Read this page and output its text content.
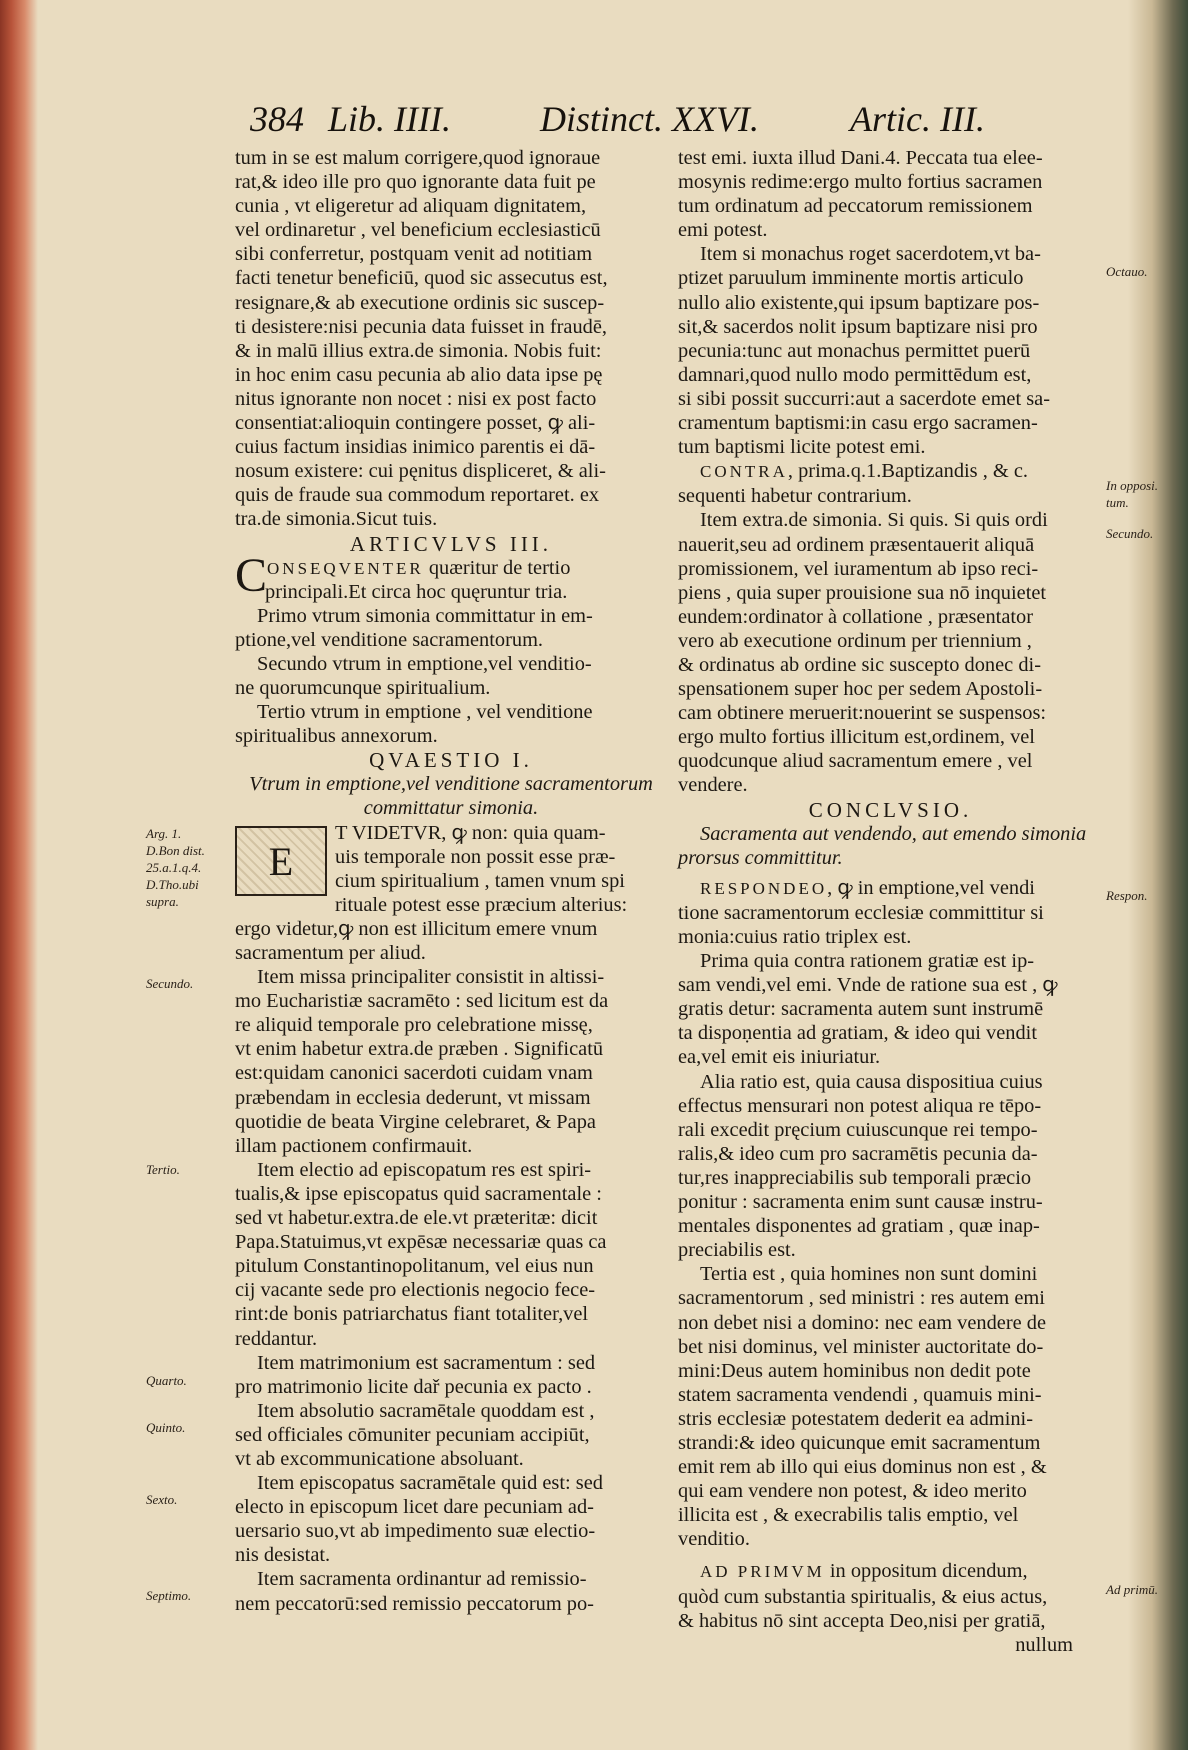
384 Lib. IIII. Distinct. XXVI.	Artic. III.
tum in se est malum corrigere,quod ignoraue
rat,& ideo ille pro quo ignorante data fuit pe
cunia , vt eligeretur ad aliquam dignitatem,
vel ordinaretur , vel beneficium ecclesiasticū
sibi conferretur, postquam venit ad notitiam
facti tenetur beneficiū, quod sic assecutus est,
resignare,& ab executione ordinis sic suscep-
ti desistere:nisi pecunia data fuisset in fraudē,
& in malū illius extra.de simonia. Nobis fuit:
in hoc enim casu pecunia ab alio data ipse pę
nitus ignorante non nocet : nisi ex post facto
consentiat:alioquin contingere posset, ꝙ ali-
cuius factum insidias inimico parentis ei dā-
nosum existere: cui pęnitus displiceret, & ali-
quis de fraude sua commodum reportaret. ex
tra.de simonia.Sicut tuis.
ARTICVLVS III.
CONSEQVENTER quæritur de tertio
principali.Et circa hoc quęruntur tria.
Primo vtrum simonia committatur in em-
ptione,vel venditione sacramentorum.
Secundo vtrum in emptione,vel venditio-
ne quorumcunque spiritualium.
Tertio vtrum in emptione , vel venditione
spiritualibus annexorum.
QVAESTIO I.
Vtrum in emptione,vel venditione sacramentorum
committatur simonia.
T VIDETVR, ꝙ non: quia quam-
uis temporale non possit esse præ-
cium spiritualium , tamen vnum spi
rituale potest esse præcium alterius:
ergo videtur,ꝙ non est illicitum emere vnum
sacramentum per aliud.
Item missa principaliter consistit in altissi-
mo Eucharistiæ sacramēto : sed licitum est da
re aliquid temporale pro celebratione missę,
vt enim habetur extra.de præben . Significatū
est:quidam canonici sacerdoti cuidam vnam
præbendam in ecclesia dederunt, vt missam
quotidie de beata Virgine celebraret, & Papa
illam pactionem confirmauit.
Item electio ad episcopatum res est spiri-
tualis,& ipse episcopatus quid sacramentale :
sed vt habetur.extra.de ele.vt præteritæ: dicit
Papa.Statuimus,vt expēsæ necessariæ quas ca
pitulum Constantinopolitanum, vel eius nun
cij vacante sede pro electionis negocio fece-
rint:de bonis patriarchatus fiant totaliter,vel
reddantur.
Item matrimonium est sacramentum : sed
pro matrimonio licite dař pecunia ex pacto .
Item absolutio sacramētale quoddam est ,
sed officiales cōmuniter pecuniam accipiūt,
vt ab excommunicatione absoluant.
Item episcopatus sacramētale quid est: sed
electo in episcopum licet dare pecuniam ad-
uersario suo,vt ab impedimento suæ electio-
nis desistat.
Item sacramenta ordinantur ad remissio-
nem peccatorū:sed remissio peccatorum po-
E
test emi. iuxta illud Dani.4. Peccata tua elee-
mosynis redime:ergo multo fortius sacramen
tum ordinatum ad peccatorum remissionem
emi potest.
Item si monachus roget sacerdotem,vt ba-
ptizet paruulum imminente mortis articulo
nullo alio existente,qui ipsum baptizare pos-
sit,& sacerdos nolit ipsum baptizare nisi pro
pecunia:tunc aut monachus permittet puerū
damnari,quod nullo modo permittēdum est,
si sibi possit succurri:aut a sacerdote emet sa-
cramentum baptismi:in casu ergo sacramen-
tum baptismi licite potest emi.
CONTRA, prima.q.1.Baptizandis , & c.
sequenti habetur contrarium.
Item extra.de simonia. Si quis. Si quis ordi
nauerit,seu ad ordinem præsentauerit aliquā
promissionem, vel iuramentum ab ipso reci-
piens , quia super prouisione sua nō inquietet
eundem:ordinator à collatione , præsentator
vero ab executione ordinum per triennium ,
& ordinatus ab ordine sic suscepto donec di-
spensationem super hoc per sedem Apostoli-
cam obtinere meruerit:nouerint se suspensos:
ergo multo fortius illicitum est,ordinem, vel
quodcunque aliud sacramentum emere , vel
vendere.
CONCLVSIO.
Sacramenta aut vendendo, aut emendo simonia
prorsus committitur.
RESPONDEO, ꝙ in emptione,vel vendi
tione sacramentorum ecclesiæ committitur si
monia:cuius ratio triplex est.
Prima quia contra rationem gratiæ est ip-
sam vendi,vel emi. Vnde de ratione sua est , ꝙ
gratis detur: sacramenta autem sunt instrumē
ta dispoṇentia ad gratiam, & ideo qui vendit
ea,vel emit eis iniuriatur.
Alia ratio est, quia causa dispositiua cuius
effectus mensurari non potest aliqua re tēpo-
rali excedit pręcium cuiuscunque rei tempo-
ralis,& ideo cum pro sacramētis pecunia da-
tur,res inappreciabilis sub temporali præcio
ponitur : sacramenta enim sunt causæ instru-
mentales disponentes ad gratiam , quæ inap-
preciabilis est.
Tertia est , quia homines non sunt domini
sacramentorum , sed ministri : res autem emi
non debet nisi a domino: nec eam vendere de
bet nisi dominus, vel minister auctoritate do-
mini:Deus autem hominibus non dedit pote
statem sacramenta vendendi , quamuis mini-
stris ecclesiæ potestatem dederit ea admini-
strandi:& ideo quicunque emit sacramentum
emit rem ab illo qui eius dominus non est , &
qui eam vendere non potest, & ideo merito
illicita est , & execrabilis talis emptio, vel
venditio.
AD PRIMVM in oppositum dicendum,
quòd cum substantia spiritualis, & eius actus,
& habitus nō sint accepta Deo,nisi per gratiā,
nullum
Arg. 1.
D.Bon dist.
25.a.1.q.4.
D.Tho.ubi
supra.
Secundo.
Tertio.
Quarto.
Quinto.
Sexto.
Septimo.
Octauo.
In opposi.
tum.
Secundo.
Respon.
Ad primū.
